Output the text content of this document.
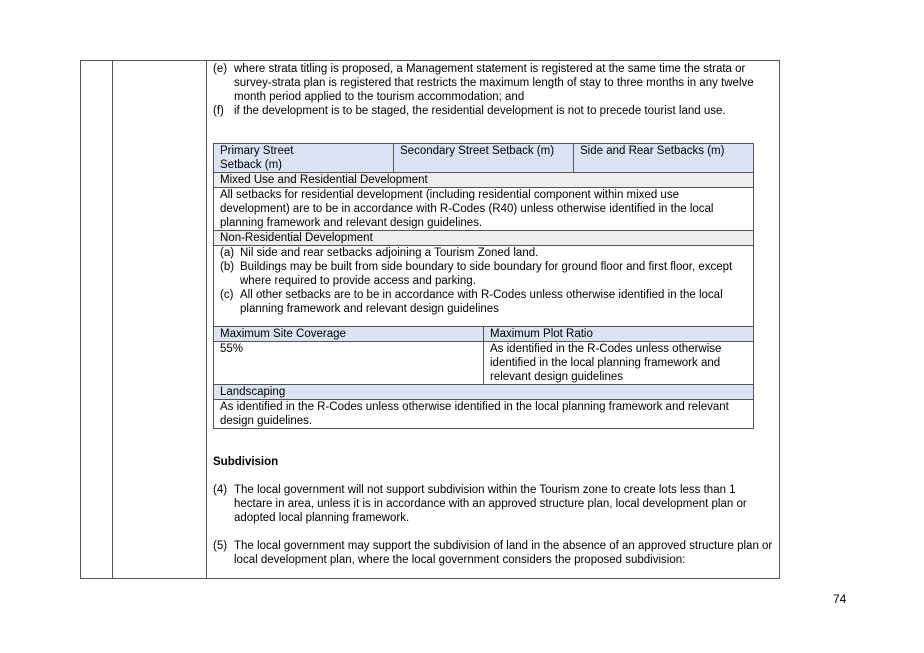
(e) where strata titling is proposed, a Management statement is registered at the same time the strata or survey-strata plan is registered that restricts the maximum length of stay to three months in any twelve month period applied to the tourism accommodation; and
(f) if the development is to be staged, the residential development is not to precede tourist land use.
Primary Street Setback (m)	Secondary Street Setback (m)	Side and Rear Setbacks (m)
Mixed Use and Residential Development
All setbacks for residential development (including residential component within mixed use development) are to be in accordance with R-Codes (R40) unless otherwise identified in the local planning framework and relevant design guidelines.
Non-Residential Development

(a) Nil side and rear setbacks adjoining a Tourism Zoned land.
(b) Buildings may be built from side boundary to side boundary for ground floor and first floor, except where required to provide access and parking.
(c) All other setbacks are to be in accordance with R-Codes unless otherwise identified in the local planning framework and relevant design guidelines
Maximum Site Coverage	Maximum Plot Ratio
55%	As identified in the R-Codes unless otherwise identified in the local planning framework and relevant design guidelines
Landscaping	
As identified in the R-Codes unless otherwise identified in the local planning framework and relevant design guidelines.	
Subdivision
(4) The local government will not support subdivision within the Tourism zone to create lots less than 1 hectare in area, unless it is in accordance with an approved structure plan, local development plan or adopted local planning framework.
(5) The local government may support the subdivision of land in the absence of an approved structure plan or local development plan, where the local government considers the proposed subdivision:
74
